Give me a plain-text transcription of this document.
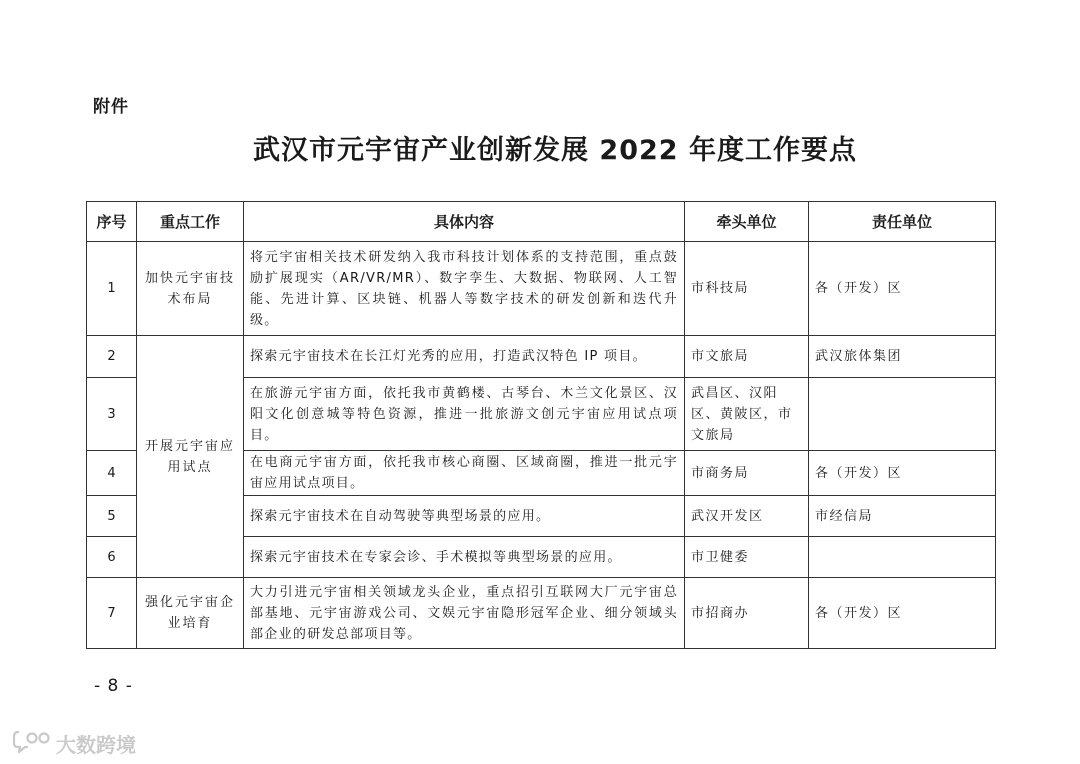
附件
武汉市元宇宙产业创新发展 2022 年度工作要点
序号	重点工作	具体内容	牵头单位	责任单位
1	加快元宇宙技术布局	将元宇宙相关技术研发纳入我市科技计划体系的支持范围，重点鼓励扩展现实（AR/VR/MR）、数字孪生、大数据、物联网、人工智能、先进计算、区块链、机器人等数字技术的研发创新和迭代升级。	市科技局	各（开发）区
2	开展元宇宙应用试点	探索元宇宙技术在长江灯光秀的应用，打造武汉特色 IP 项目。	市文旅局	武汉旅体集团
3		在旅游元宇宙方面，依托我市黄鹤楼、古琴台、木兰文化景区、汉阳文化创意城等特色资源，推进一批旅游文创元宇宙应用试点项目。	武昌区、汉阳区、黄陂区，市文旅局	
4		在电商元宇宙方面，依托我市核心商圈、区域商圈，推进一批元宇宙应用试点项目。	市商务局	各（开发）区
5		探索元宇宙技术在自动驾驶等典型场景的应用。	武汉开发区	市经信局
6		探索元宇宙技术在专家会诊、手术模拟等典型场景的应用。	市卫健委	
7	强化元宇宙企业培育	大力引进元宇宙相关领域龙头企业，重点招引互联网大厂元宇宙总部基地、元宇宙游戏公司、文娱元宇宙隐形冠军企业、细分领域头部企业的研发总部项目等。	市招商办	各（开发）区
- 8 -
大数跨境
